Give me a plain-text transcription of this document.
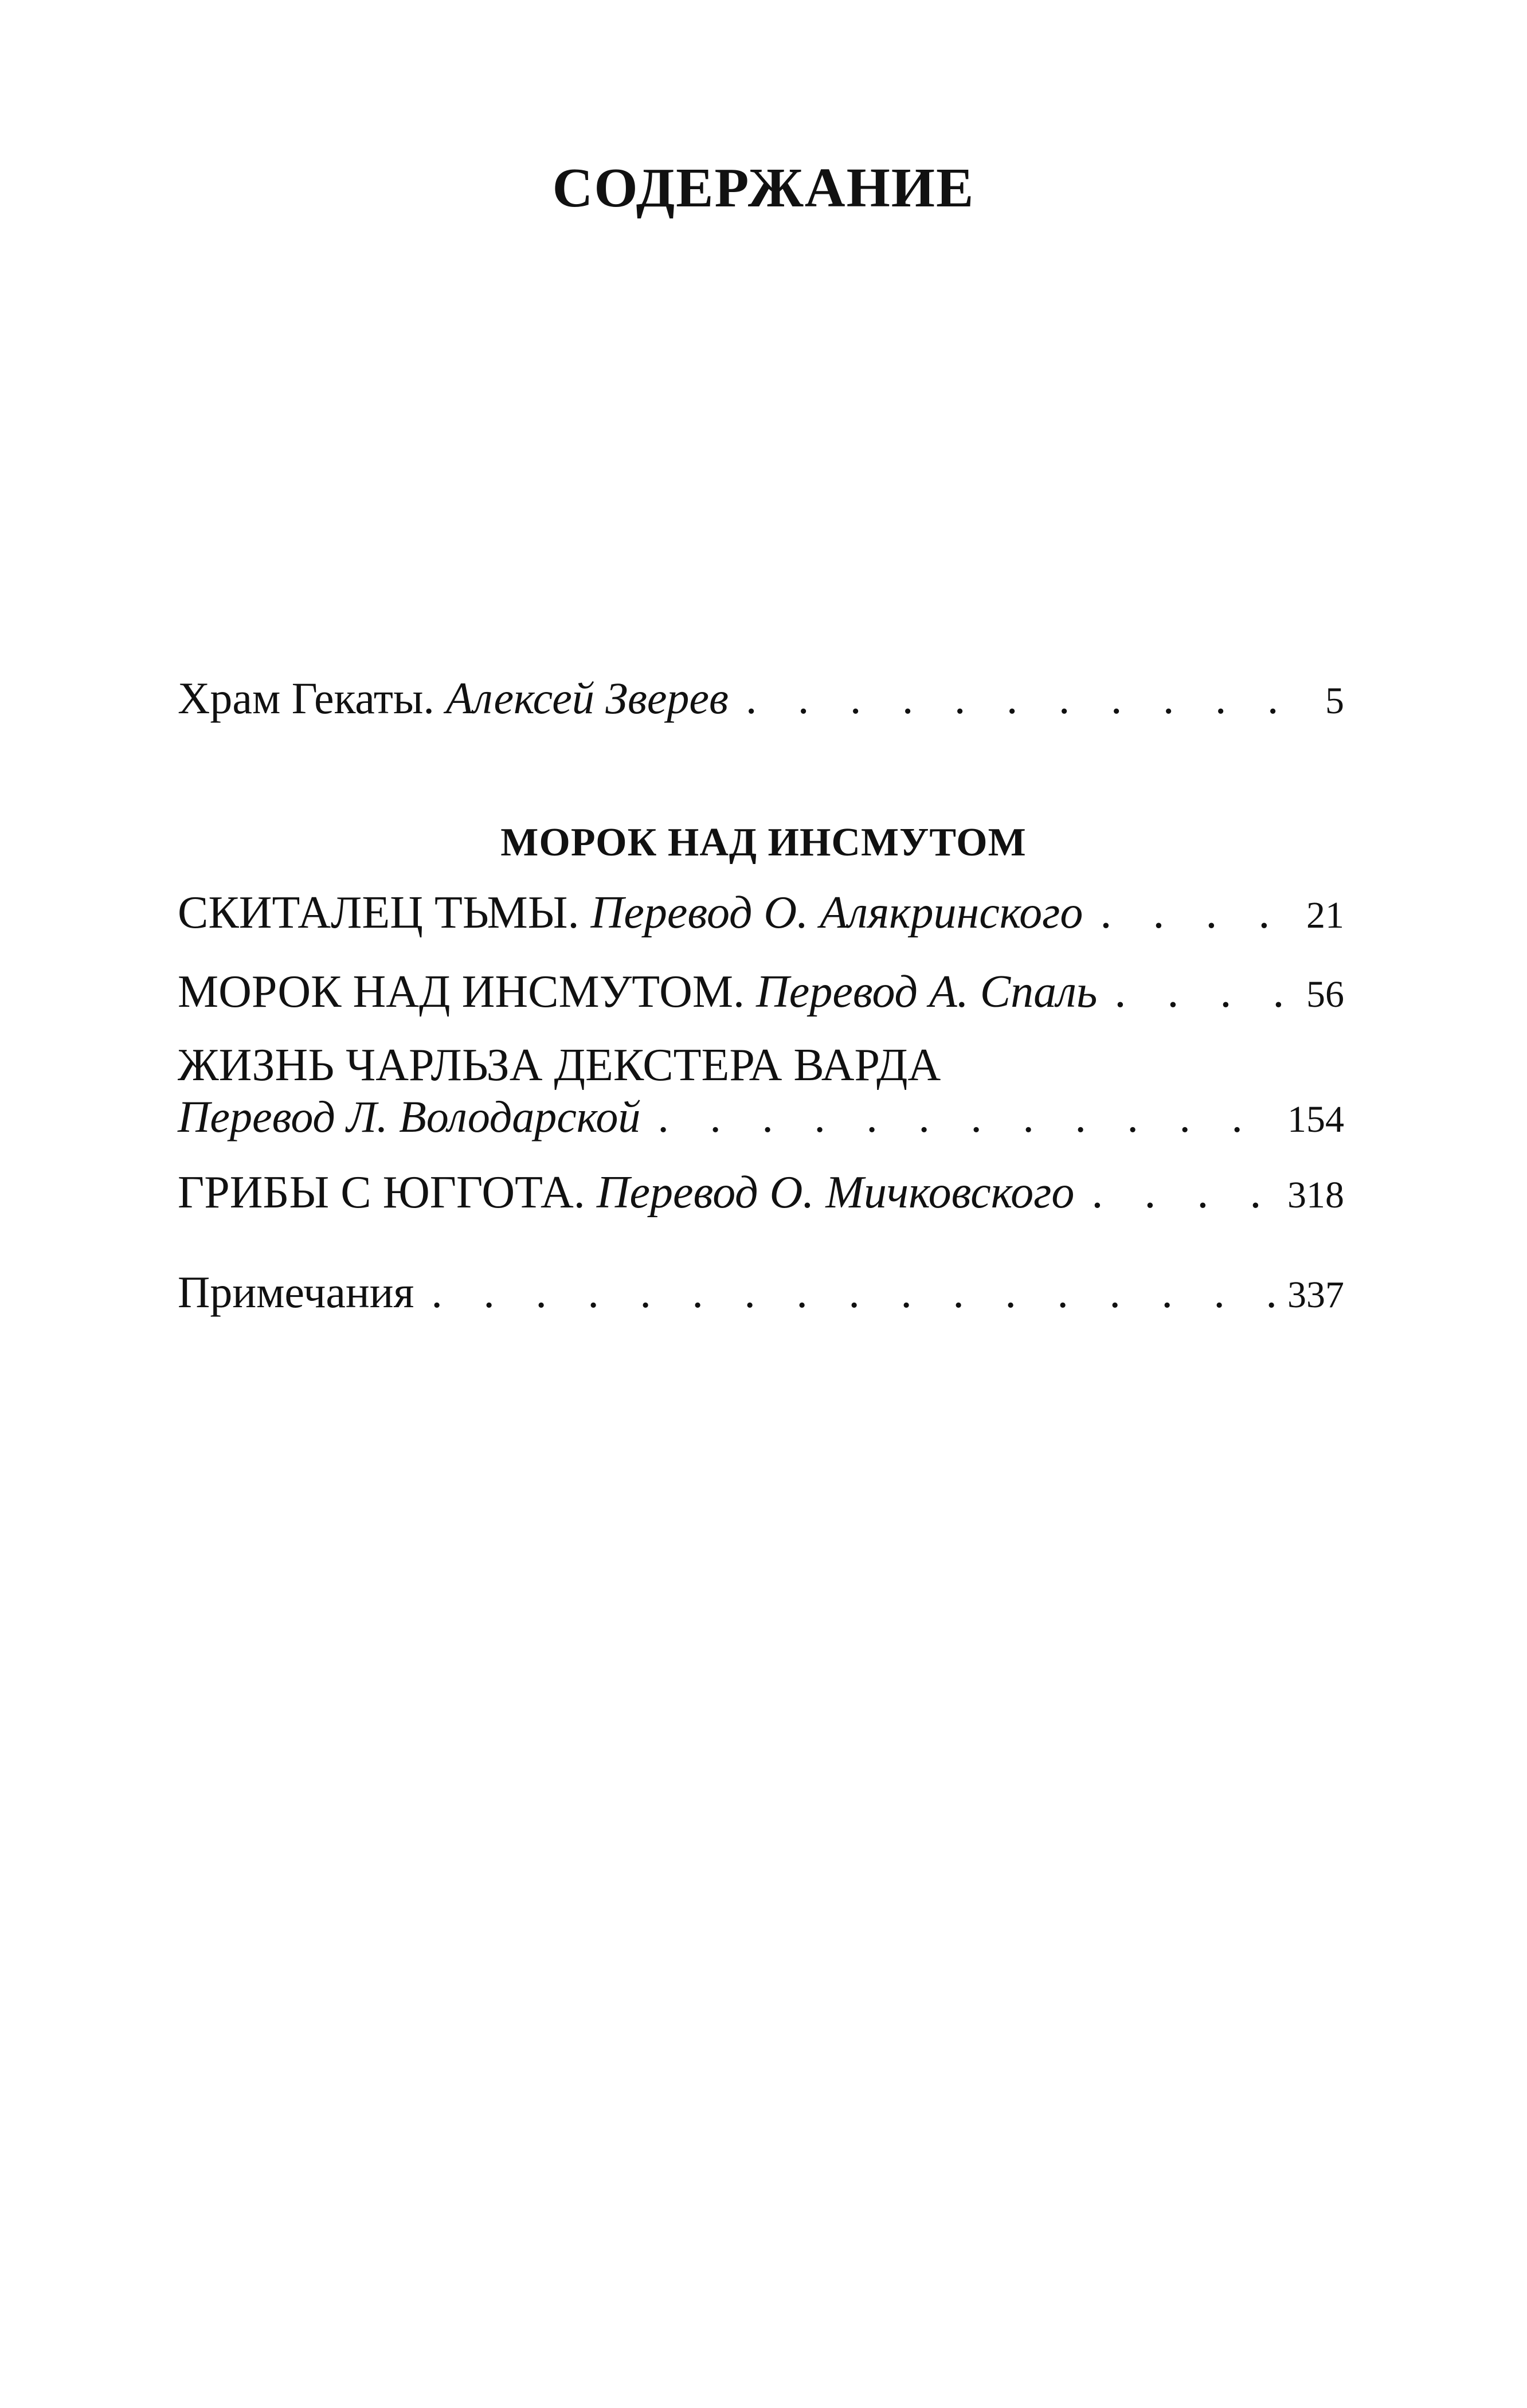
СОДЕРЖАНИЕ
Храм Гекаты. Алексей Зверев . . .	5
МОРОК НАД ИНСМУТОМ
СКИТАЛЕЦ ТЬМЫ. Перевод О. Алякринского . . .	21
МОРОК НАД ИНСМУТОМ. Перевод А. Спаль . . .	56
ЖИЗНЬ ЧАРЛЬЗА ДЕКСТЕРА ВАРДА
Перевод Л. Володарской . . .	154
ГРИБЫ С ЮГГОТА. Перевод О. Мичковского . . .	318
Примечания . . .	337
